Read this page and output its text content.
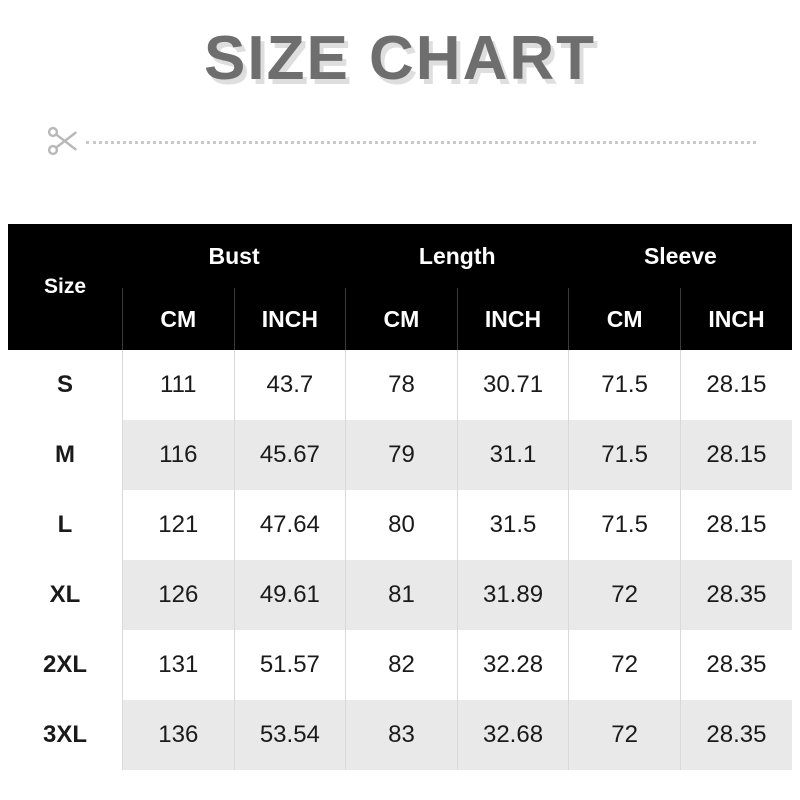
SIZE CHART
Size	Bust		Length		Sleeve	
	CM	INCH	CM	INCH	CM	INCH
S	111	43.7	78	30.71	71.5	28.15
M	116	45.67	79	31.1	71.5	28.15
L	121	47.64	80	31.5	71.5	28.15
XL	126	49.61	81	31.89	72	28.35
2XL	131	51.57	82	32.28	72	28.35
3XL	136	53.54	83	32.68	72	28.35
